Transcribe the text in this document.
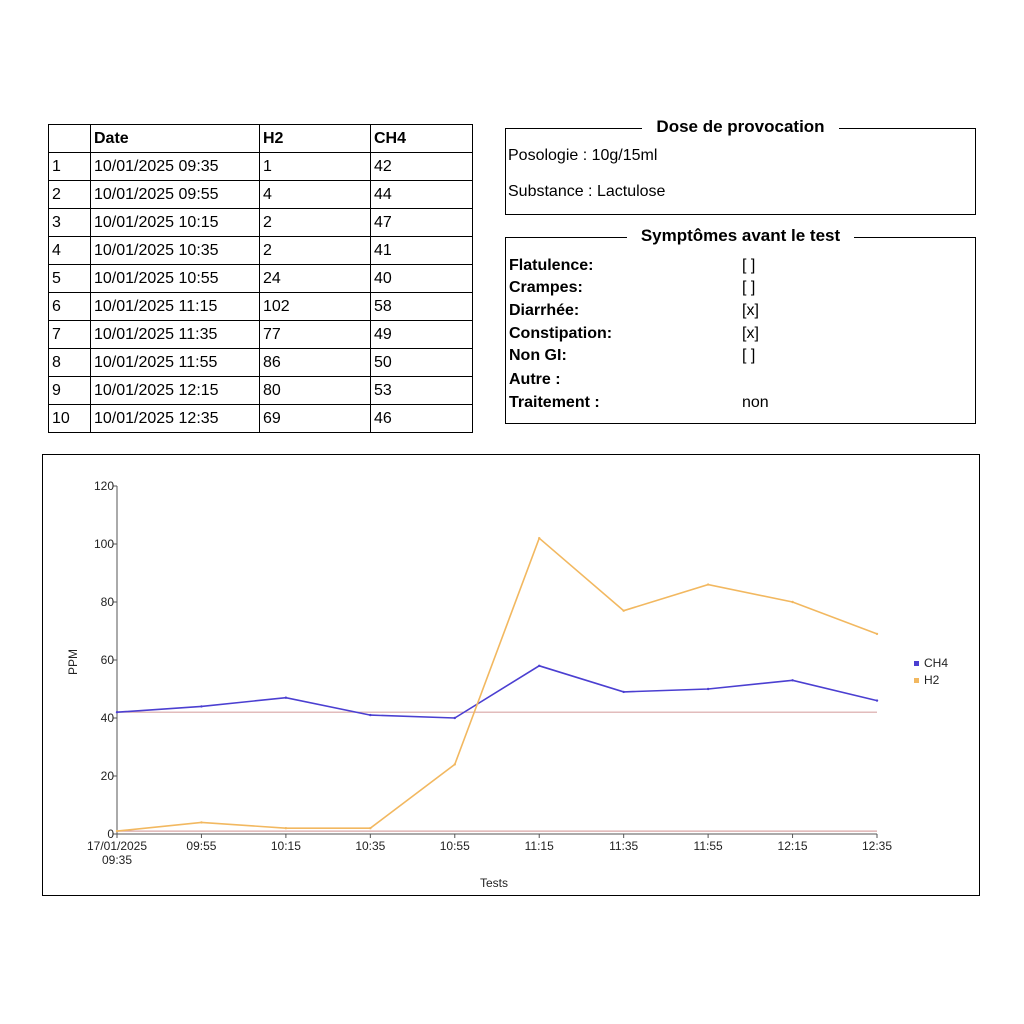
	Date	H2	CH4
1	10/01/2025 09:35	1	42
2	10/01/2025 09:55	4	44
3	10/01/2025 10:15	2	47
4	10/01/2025 10:35	2	41
5	10/01/2025 10:55	24	40
6	10/01/2025 11:15	102	58
7	10/01/2025 11:35	77	49
8	10/01/2025 11:55	86	50
9	10/01/2025 12:15	80	53
10	10/01/2025 12:35	69	46
Dose de provocation
Posologie : 10g/15ml
Substance : Lactulose
Symptômes avant le test
Flatulence:	[ ]
Crampes:	[ ]
Diarrhée:	[x]
Constipation:	[x]
Non GI:	[ ]
Autre :
Traitement :	non
0
20
40
60
80
100
120
17/01/2025 09:35
09:55	10:15	10:35	10:55	11:15	11:35	11:55	12:15	12:35
CH4
H2
Tests
PPM
